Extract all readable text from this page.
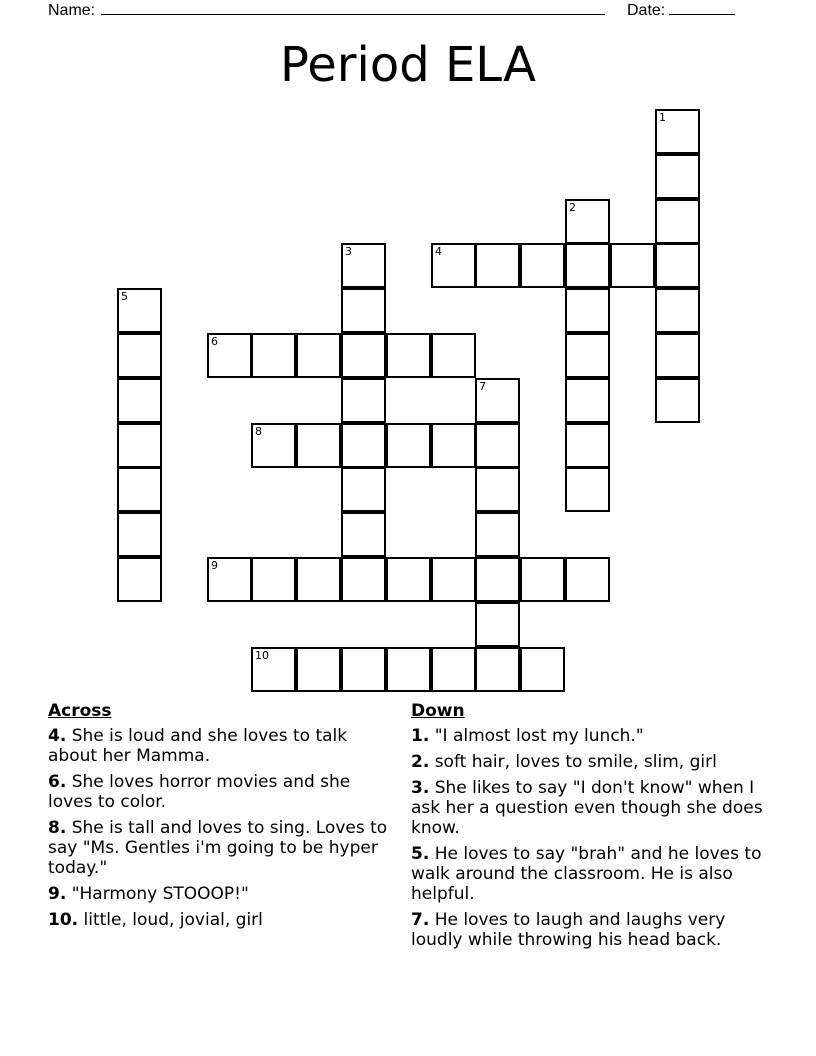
Name:	Date:
Period ELA
1
2
3	4
5
6
7
8
9
10
Across
4. She is loud and she loves to talk about her Mamma.
6. She loves horror movies and she loves to color.
8. She is tall and loves to sing. Loves to say "Ms. Gentles i'm going to be hyper today."
9. "Harmony STOOOP!"
10. little, loud, jovial, girl
Down
1. "I almost lost my lunch."
2. soft hair, loves to smile, slim, girl
3. She likes to say "I don't know" when I ask her a question even though she does know.
5. He loves to say "brah" and he loves to walk around the classroom. He is also helpful.
7. He loves to laugh and laughs very loudly while throwing his head back.
